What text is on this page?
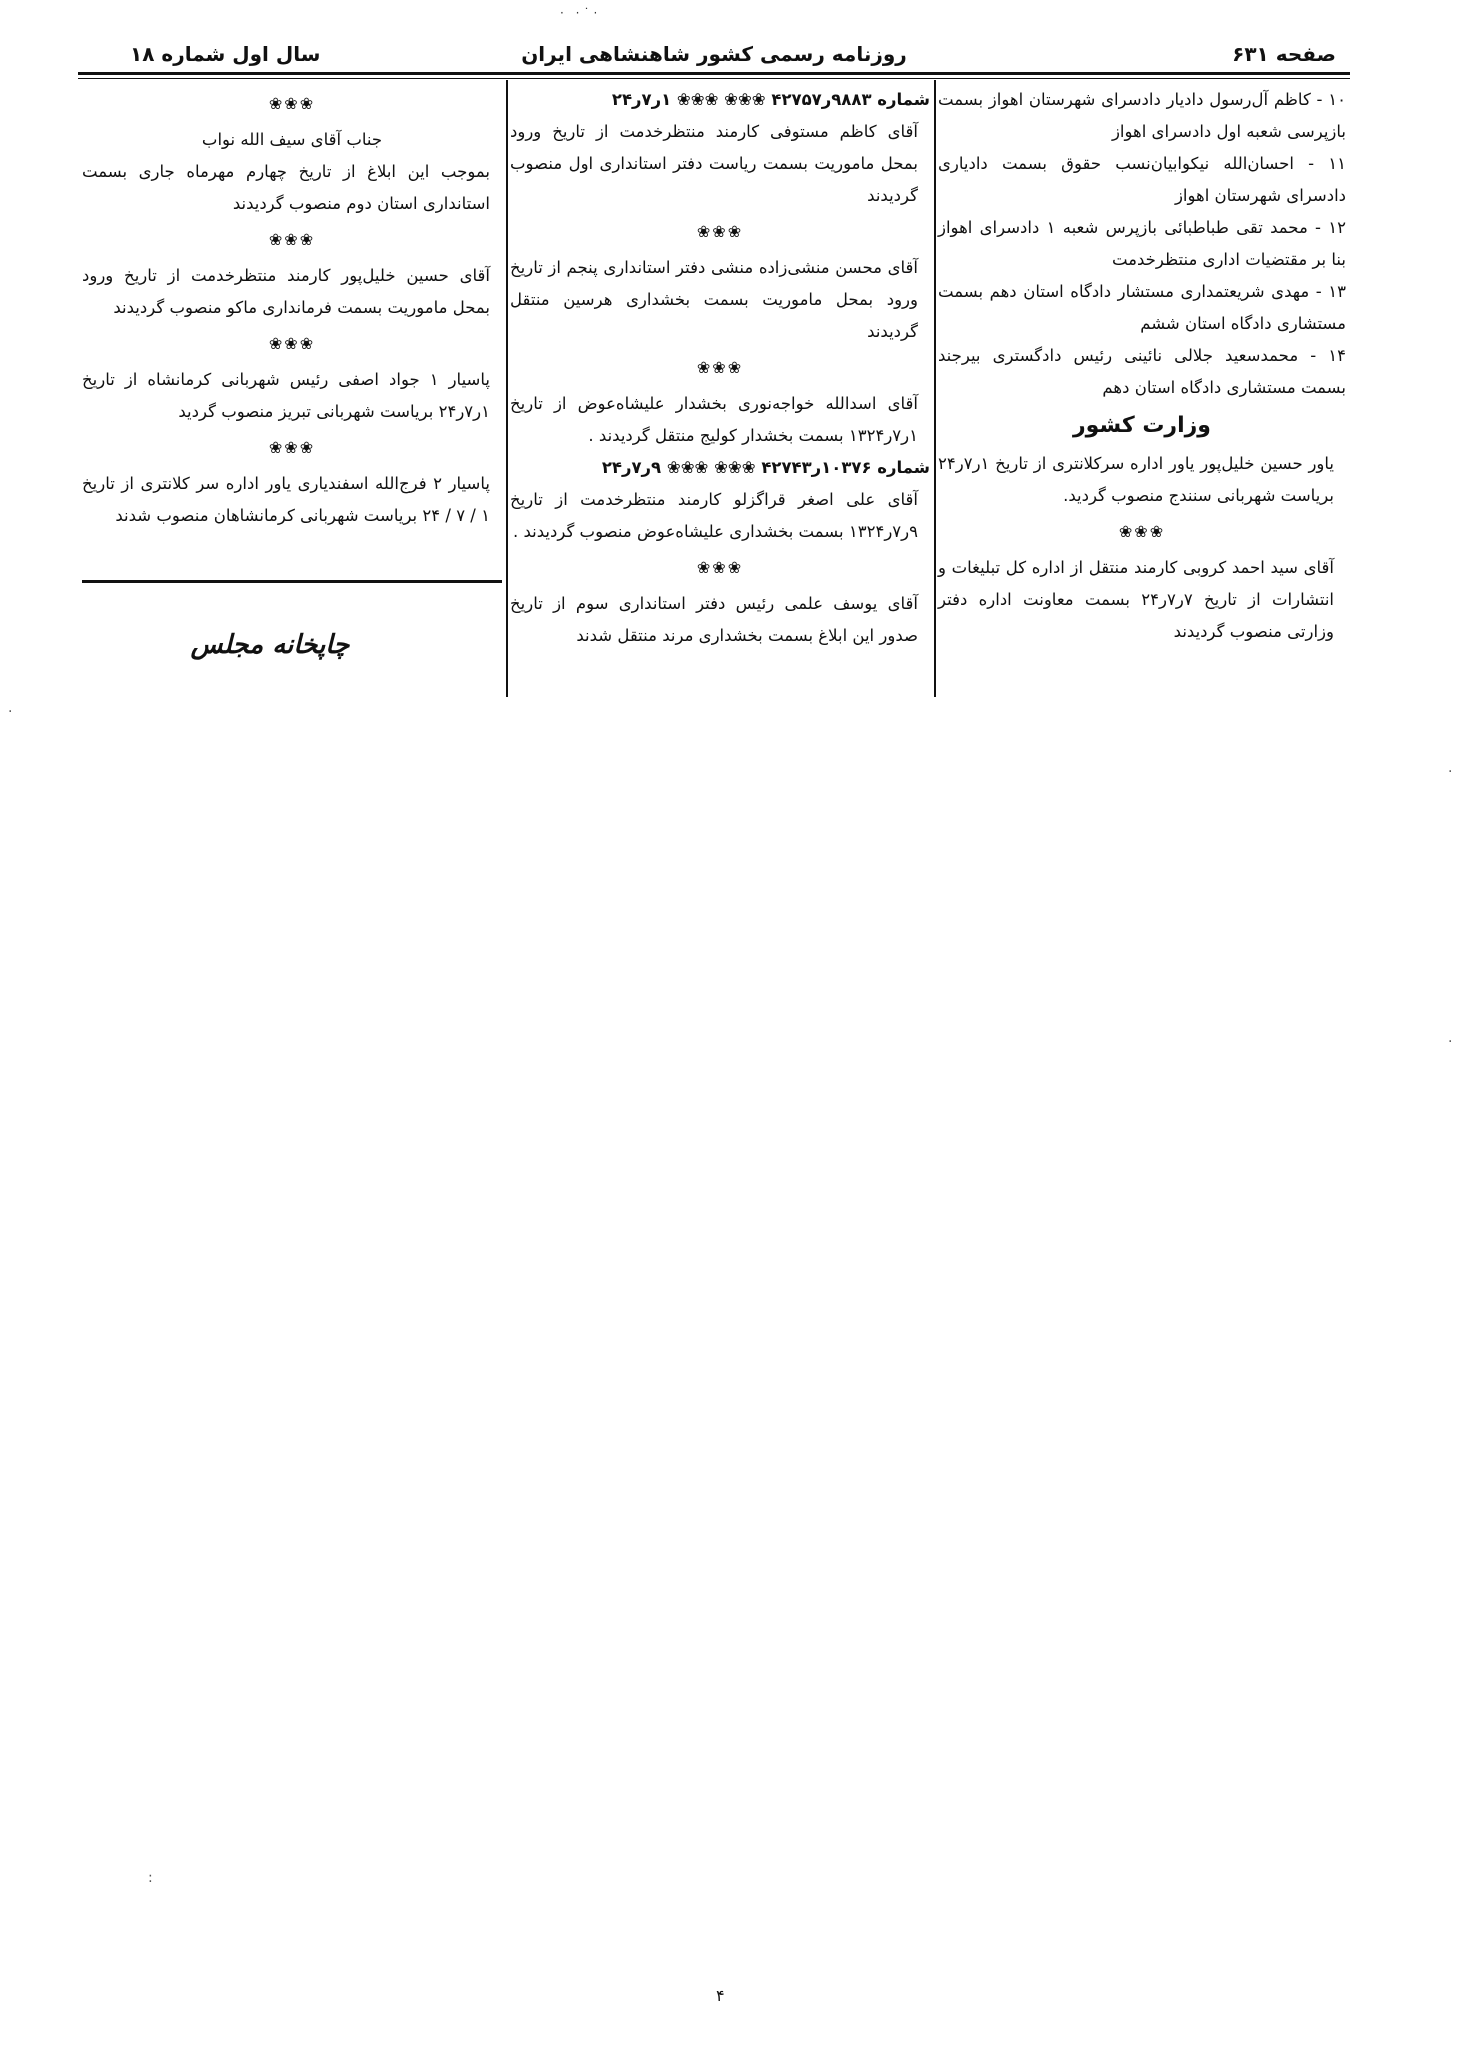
· ·˙·
صفحه ۶۳۱
روزنامه رسمی کشور شاهنشاهی ایران
سال اول شماره ۱۸

۱۰ - کاظم آل‌رسول دادیار دادسرای شهرستان اهواز بسمت بازپرسی شعبه اول دادسرای اهواز

۱۱ - احسان‌الله نیکوابیان‌نسب حقوق بسمت دادیاری دادسرای شهرستان اهواز

۱۲ - محمد تقی طباطبائی بازپرس شعبه ۱ دادسرای اهواز بنا بر مقتضیات اداری منتظرخدمت

۱۳ - مهدی شریعتمداری مستشار دادگاه استان دهم بسمت مستشاری دادگاه استان ششم

۱۴ - محمدسعید جلالی نائینی رئیس دادگستری بیرجند بسمت مستشاری دادگاه استان دهم

وزارت کشور

یاور حسین خلیل‌پور یاور اداره سرکلانتری از تاریخ ۱ر۷ر۲۴ بریاست شهربانی سنندج منصوب گردید.

❀❀❀

آقای سید احمد کروبی کارمند منتقل از اداره کل تبلیغات و انتشارات از تاریخ ۷ر۷ر۲۴ بسمت معاونت اداره دفتر وزارتی منصوب گردیدند

شماره ۹۸۸۳ر۴۲۷۵۷ ❀❀❀ ❀❀❀ ۱ر۷ر۲۴

آقای کاظم مستوفی کارمند منتظرخدمت از تاریخ ورود بمحل ماموریت بسمت ریاست دفتر استانداری اول منصوب گردیدند

❀❀❀

آقای محسن منشی‌زاده منشی دفتر استانداری پنجم از تاریخ ورود بمحل ماموریت بسمت بخشداری هرسین منتقل گردیدند

❀❀❀

آقای اسدالله خواجه‌نوری بخشدار علیشاه‌عوض از تاریخ ۱ر۷ر۱۳۲۴ بسمت بخشدار کولیج منتقل گردیدند .

شماره ۱۰۳۷۶ر۴۲۷۴۳ ❀❀❀ ❀❀❀ ۹ر۷ر۲۴

آقای علی اصغر قراگزلو کارمند منتظرخدمت از تاریخ ۹ر۷ر۱۳۲۴ بسمت بخشداری علیشاه‌عوض منصوب گردیدند .

❀❀❀

آقای یوسف علمی رئیس دفتر استانداری سوم از تاریخ صدور این ابلاغ بسمت بخشداری مرند منتقل شدند

❀❀❀

جناب آقای سیف الله نواب

بموجب این ابلاغ از تاریخ چهارم مهرماه جاری بسمت استانداری استان دوم منصوب گردیدند

❀❀❀

آقای حسین خلیل‌پور کارمند منتظرخدمت از تاریخ ورود بمحل ماموریت بسمت فرمانداری ماکو منصوب گردیدند

❀❀❀

پاسیار ۱ جواد اصفی رئیس شهربانی کرمانشاه از تاریخ ۱ر۷ر۲۴ بریاست شهربانی تبریز منصوب گردید

❀❀❀

پاسیار ۲ فرج‌الله اسفندیاری یاور اداره سر کلانتری از تاریخ ۱ / ۷ / ۲۴ بریاست شهربانی کرمانشاهان منصوب شدند

چاپخانه مجلس
۴
.
.
.
:
